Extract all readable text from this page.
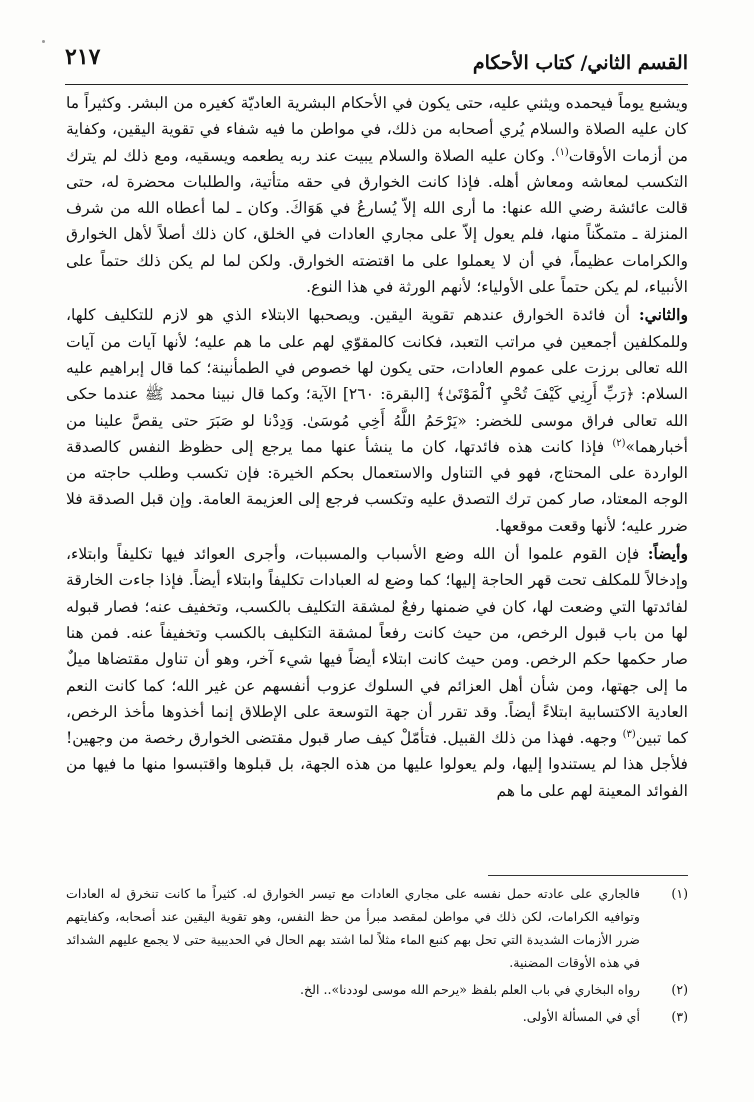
القسم الثاني/ كتاب الأحكام
٢١٧

ويشبع يوماً فيحمده ويثني عليه، حتى يكون في الأحكام البشرية العاديّة كغيره من البشر. وكثيراً ما كان عليه الصلاة والسلام يُري أصحابه من ذلك، في مواطن ما فيه شفاء في تقوية اليقين، وكفاية من أزمات الأوقات$^{(١)}$. وكان عليه الصلاة والسلام يبيت عند ربه يطعمه ويسقيه، ومع ذلك لم يترك التكسب لمعاشه ومعاش أهله. فإذا كانت الخوارق في حقه متأتية، والطلبات محضرة له، حتى قالت عائشة رضي الله عنها: ما أرى الله إلاّ يُسارعُ في هَوَاكَ. وكان ـ لما أعطاه الله من شرف المنزلة ـ متمكّناً منها، فلم يعول إلاّ على مجاري العادات في الخلق، كان ذلك أصلاً لأهل الخوارق والكرامات عظيماً، في أن لا يعملوا على ما اقتضته الخوارق. ولكن لما لم يكن ذلك حتماً على الأنبياء، لم يكن حتماً على الأولياء؛ لأنهم الورثة في هذا النوع.

والثاني: أن فائدة الخوارق عندهم تقوية اليقين. ويصحبها الابتلاء الذي هو لازم للتكليف كلها، وللمكلفين أجمعين في مراتب التعبد، فكانت كالمقوّي لهم على ما هم عليه؛ لأنها آيات من آيات الله تعالى برزت على عموم العادات، حتى يكون لها خصوص في الطمأنينة؛ كما قال إبراهيم عليه السلام: ﴿رَبِّ أَرِنِي كَيْفَ تُحْيِ ٱلْمَوْتَىٰ﴾ [البقرة: ٢٦٠] الآية؛ وكما قال نبينا محمد ﷺ عندما حكى الله تعالى فراق موسى للخضر: «يَرْحَمُ اللَّهُ أَخِي مُوسَىٰ. وَدِدْنا لو صَبَرَ حتى يقصَّ علينا من أخبارهما»$^{(٢)}$ فإذا كانت هذه فائدتها، كان ما ينشأ عنها مما يرجع إلى حظوظ النفس كالصدقة الواردة على المحتاج، فهو في التناول والاستعمال بحكم الخيرة: فإن تكسب وطلب حاجته من الوجه المعتاد، صار كمن ترك التصدق عليه وتكسب فرجع إلى العزيمة العامة. وإن قبل الصدقة فلا ضرر عليه؛ لأنها وقعت موقعها.

وأيضاً: فإن القوم علموا أن الله وضع الأسباب والمسببات، وأجرى العوائد فيها تكليفاً وابتلاء، وإدخالاً للمكلف تحت قهر الحاجة إليها؛ كما وضع له العبادات تكليفاً وابتلاء أيضاً. فإذا جاءت الخارقة لفائدتها التي وضعت لها، كان في ضمنها رفعٌ لمشقة التكليف بالكسب، وتخفيف عنه؛ فصار قبوله لها من باب قبول الرخص، من حيث كانت رفعاً لمشقة التكليف بالكسب وتخفيفاً عنه. فمن هنا صار حكمها حكم الرخص. ومن حيث كانت ابتلاء أيضاً فيها شيء آخر، وهو أن تناول مقتضاها ميلٌ ما إلى جهتها، ومن شأن أهل العزائم في السلوك عزوب أنفسهم عن غير الله؛ كما كانت النعم العادية الاكتسابية ابتلاءً أيضاً. وقد تقرر أن جهة التوسعة على الإطلاق إنما أخذوها مأخذ الرخص، كما تبين$^{(٣)}$ وجهه. فهذا من ذلك القبيل. فتأمّلْ كيف صار قبول مقتضى الخوارق رخصة من وجهين! فلأجل هذا لم يستندوا إليها، ولم يعولوا عليها من هذه الجهة، بل قبلوها واقتبسوا منها ما فيها من الفوائد المعينة لهم على ما هم

(١)
فالجاري على عادته حمل نفسه على مجاري العادات مع تيسر الخوارق له. كثيراً ما كانت تنخرق له العادات وتوافيه الكرامات، لكن ذلك في مواطن لمقصد مبرأ من حظ النفس، وهو تقوية اليقين عند أصحابه، وكفايتهم ضرر الأزمات الشديدة التي تحل بهم كنبع الماء مثلاً لما اشتد بهم الحال في الحديبية حتى لا يجمع عليهم الشدائد في هذه الأوقات المضنية.
(٢)
رواه البخاري في باب العلم بلفظ «يرحم الله موسى لوددنا».. الخ.
(٣)
أي في المسألة الأولى.
